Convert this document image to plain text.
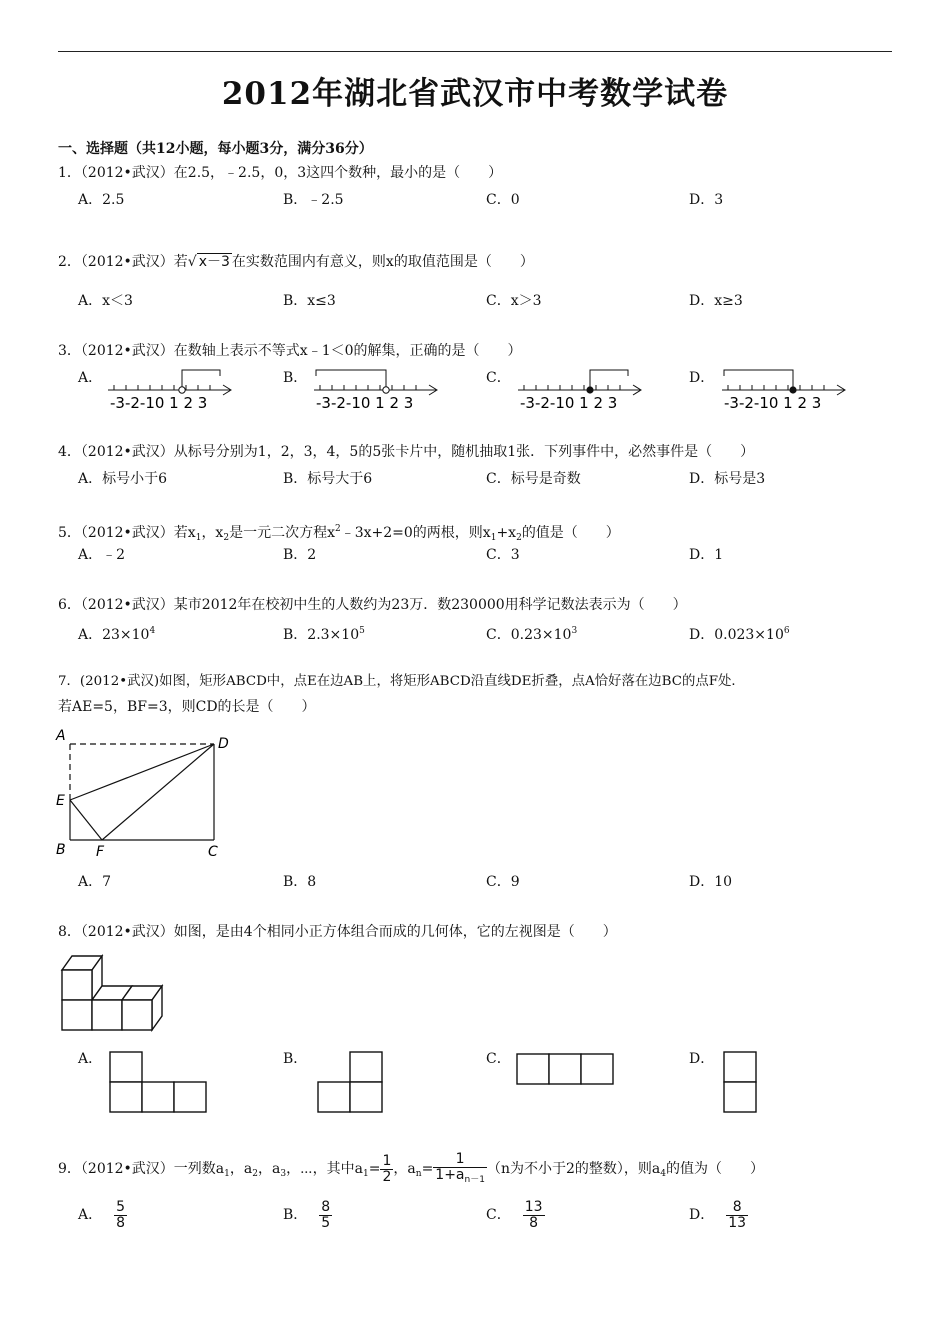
2012年湖北省武汉市中考数学试卷
一、选择题（共12小题，每小题3分，满分36分）
1．（2012•武汉）在2.5，﹣2.5，0，3这四个数种，最小的是（　　）
A．2.5	B．﹣2.5	C．0	D．3
2．（2012•武汉）若√ x－3 在实数范围内有意义，则x的取值范围是（　　）
A．x＜3	B．x≤3	C．x＞3	D．x≥3
3．（2012•武汉）在数轴上表示不等式x﹣1＜0的解集，正确的是（　　）
A．	B．	C．	D．
-3-2-10 1 2 3	-3-2-10 1 2 3	-3-2-10 1 2 3	-3-2-10 1 2 3
4．（2012•武汉）从标号分别为1，2，3，4，5的5张卡片中，随机抽取1张．下列事件中，必然事件是（　　）
A．标号小于6	B．标号大于6	C．标号是奇数	D．标号是3
5．（2012•武汉）若$x_1$，$x_2$是一元二次方程$x^2﹣3x+2=0$的两根，则$x_1+x_2$的值是（　　）
A．﹣2	B．2	C．3	D．1
6．（2012•武汉）某市2012年在校初中生的人数约为23万．数230000用科学记数法表示为（　　）
A．$23\times 10^4$	B．$2.3\times 10^5$	C．$0.23\times 10^3$	D．$0.023\times 10^6$
7．(2012•武汉)如图，矩形ABCD中，点E在边AB上，将矩形ABCD沿直线DE折叠，点A恰好落在边BC的点F处．
若AE=5，BF=3，则CD的长是（　　）
A	D
E
B F	C
A．7	B．8	C．9	D．10
8．（2012•武汉）如图，是由4个相同小正方体组合而成的几何体，它的左视图是（　　）
A．	B．	C．	D．
9．（2012•武汉）一列数$a_1$，$a_2$，$a_3$，⋯，其中$a_1= \frac{1}{2}$ ，$a_n= \frac{1}{1+a_{n-1}} (n$为不小于2的整数），则$a_4$的值为（　　）
A． $\frac{5}{8}$	B． $\frac{8}{5}$	C． $\frac{13}{8}$	D． $\frac{8}{13}$
